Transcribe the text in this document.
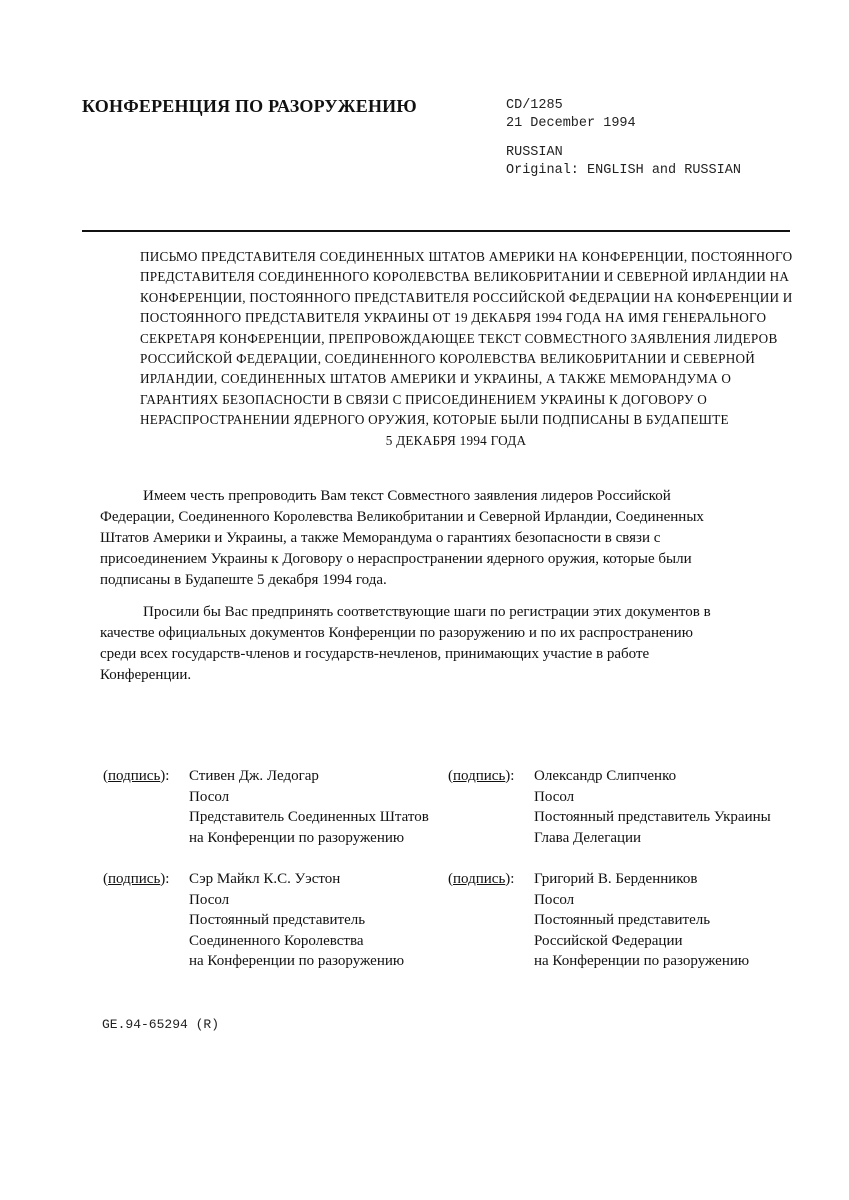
КОНФЕРЕНЦИЯ ПО РАЗОРУЖЕНИЮ	CD/1285
21 December 1994
RUSSIAN
Original: ENGLISH and RUSSIAN
ПИСЬМО ПРЕДСТАВИТЕЛЯ СОЕДИНЕННЫХ ШТАТОВ АМЕРИКИ НА КОНФЕРЕНЦИИ, ПОСТОЯННОГО
ПРЕДСТАВИТЕЛЯ СОЕДИНЕННОГО КОРОЛЕВСТВА ВЕЛИКОБРИТАНИИ И СЕВЕРНОЙ ИРЛАНДИИ НА
КОНФЕРЕНЦИИ, ПОСТОЯННОГО ПРЕДСТАВИТЕЛЯ РОССИЙСКОЙ ФЕДЕРАЦИИ НА КОНФЕРЕНЦИИ И
ПОСТОЯННОГО ПРЕДСТАВИТЕЛЯ УКРАИНЫ ОТ 19 ДЕКАБРЯ 1994 ГОДА НА ИМЯ ГЕНЕРАЛЬНОГО
СЕКРЕТАРЯ КОНФЕРЕНЦИИ, ПРЕПРОВОЖДАЮЩЕЕ ТЕКСТ СОВМЕСТНОГО ЗАЯВЛЕНИЯ ЛИДЕРОВ
РОССИЙСКОЙ ФЕДЕРАЦИИ, СОЕДИНЕННОГО КОРОЛЕВСТВА ВЕЛИКОБРИТАНИИ И СЕВЕРНОЙ
ИРЛАНДИИ, СОЕДИНЕННЫХ ШТАТОВ АМЕРИКИ И УКРАИНЫ, А ТАКЖЕ МЕМОРАНДУМА О
ГАРАНТИЯХ БЕЗОПАСНОСТИ В СВЯЗИ С ПРИСОЕДИНЕНИЕМ УКРАИНЫ К ДОГОВОРУ О
НЕРАСПРОСТРАНЕНИИ ЯДЕРНОГО ОРУЖИЯ, КОТОРЫЕ БЫЛИ ПОДПИСАНЫ В БУДАПЕШТЕ
5 ДЕКАБРЯ 1994 ГОДА
Имеем честь препроводить Вам текст Совместного заявления лидеров Российской
Федерации, Соединенного Королевства Великобритании и Северной Ирландии, Соединенных
Штатов Америки и Украины, а также Меморандума о гарантиях безопасности в связи с
присоединением Украины к Договору о нераспространении ядерного оружия, которые были
подписаны в Будапеште 5 декабря 1994 года.
Просили бы Вас предпринять соответствующие шаги по регистрации этих документов в
качестве официальных документов Конференции по разоружению и по их распространению
среди всех государств-членов и государств-нечленов, принимающих участие в работе
Конференции.
(подпись): Стивен Дж. Ледогар
Посол
Представитель Соединенных Штатов
на Конференции по разоружению
(подпись): Олександр Слипченко
Посол
Постоянный представитель Украины
Глава Делегации
(подпись): Сэр Майкл К.С. Уэстон
Посол
Постоянный представитель
Соединенного Королевства
на Конференции по разоружению
(подпись): Григорий В. Берденников
Посол
Постоянный представитель
Российской Федерации
на Конференции по разоружению
GE.94-65294 (R)
